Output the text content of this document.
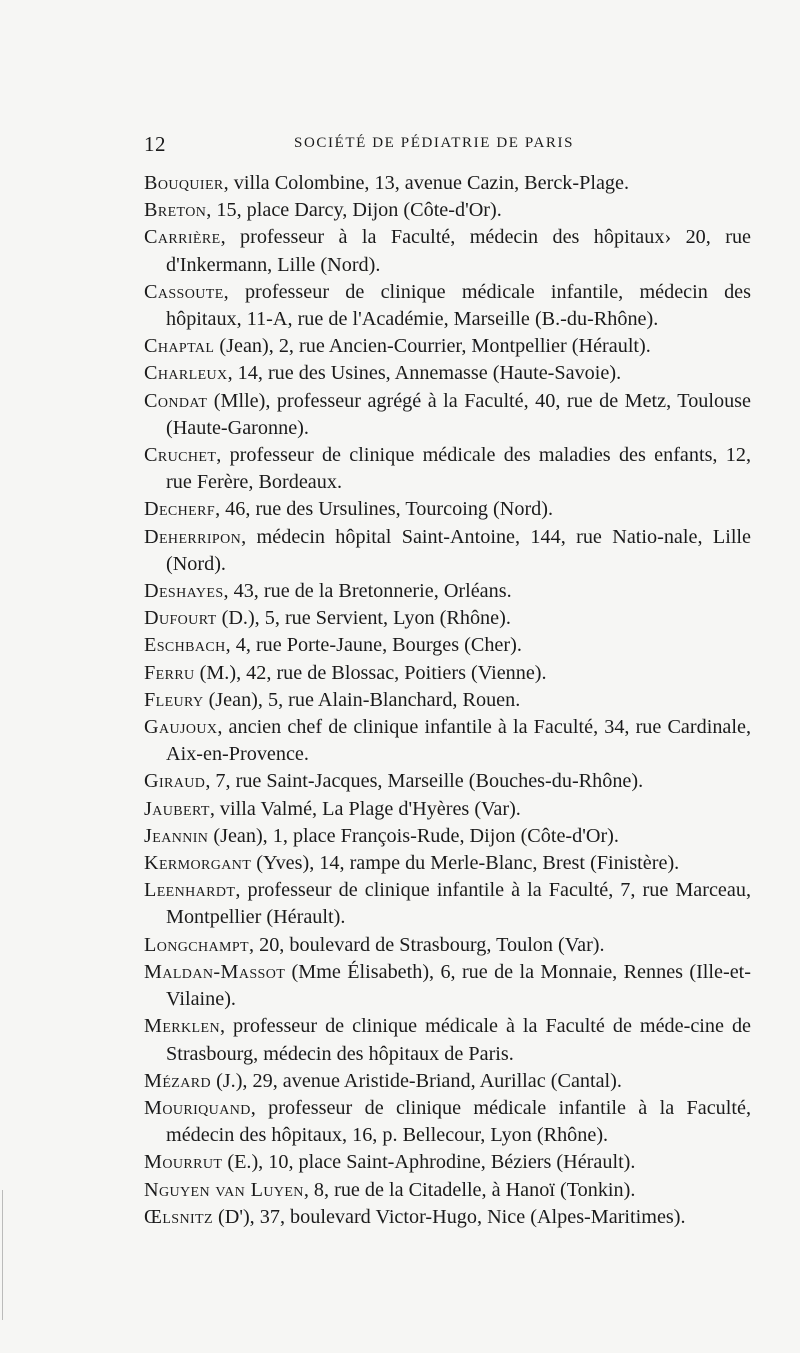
12	SOCIÉTÉ DE PÉDIATRIE DE PARIS

Bouquier, villa Colombine, 13, avenue Cazin, Berck-Plage.

Breton, 15, place Darcy, Dijon (Côte-d'Or).

Carrière, professeur à la Faculté, médecin des hôpitaux› 20, rue d'Inkermann, Lille (Nord).

Cassoute, professeur de clinique médicale infantile, médecin des hôpitaux, 11-A, rue de l'Académie, Marseille (B.-du-Rhône).

Chaptal (Jean), 2, rue Ancien-Courrier, Montpellier (Hérault).

Charleux, 14, rue des Usines, Annemasse (Haute-Savoie).

Condat (Mlle), professeur agrégé à la Faculté, 40, rue de Metz, Toulouse (Haute-Garonne).

Cruchet, professeur de clinique médicale des maladies des enfants, 12, rue Ferère, Bordeaux.

Decherf, 46, rue des Ursulines, Tourcoing (Nord).

Deherripon, médecin hôpital Saint-Antoine, 144, rue Natio-nale, Lille (Nord).

Deshayes, 43, rue de la Bretonnerie, Orléans.

Dufourt (D.), 5, rue Servient, Lyon (Rhône).

Eschbach, 4, rue Porte-Jaune, Bourges (Cher).

Ferru (M.), 42, rue de Blossac, Poitiers (Vienne).

Fleury (Jean), 5, rue Alain-Blanchard, Rouen.

Gaujoux, ancien chef de clinique infantile à la Faculté, 34, rue Cardinale, Aix-en-Provence.

Giraud, 7, rue Saint-Jacques, Marseille (Bouches-du-Rhône).

Jaubert, villa Valmé, La Plage d'Hyères (Var).

Jeannin (Jean), 1, place François-Rude, Dijon (Côte-d'Or).

Kermorgant (Yves), 14, rampe du Merle-Blanc, Brest (Finistère).

Leenhardt, professeur de clinique infantile à la Faculté, 7, rue Marceau, Montpellier (Hérault).

Longchampt, 20, boulevard de Strasbourg, Toulon (Var).

Maldan-Massot (Mme Élisabeth), 6, rue de la Monnaie, Rennes (Ille-et-Vilaine).

Merklen, professeur de clinique médicale à la Faculté de méde-cine de Strasbourg, médecin des hôpitaux de Paris.

Mézard (J.), 29, avenue Aristide-Briand, Aurillac (Cantal).

Mouriquand, professeur de clinique médicale infantile à la Faculté, médecin des hôpitaux, 16, p. Bellecour, Lyon (Rhône).

Mourrut (E.), 10, place Saint-Aphrodine, Béziers (Hérault).

Nguyen van Luyen, 8, rue de la Citadelle, à Hanoï (Tonkin).

Œlsnitz (D'), 37, boulevard Victor-Hugo, Nice (Alpes-Maritimes).
